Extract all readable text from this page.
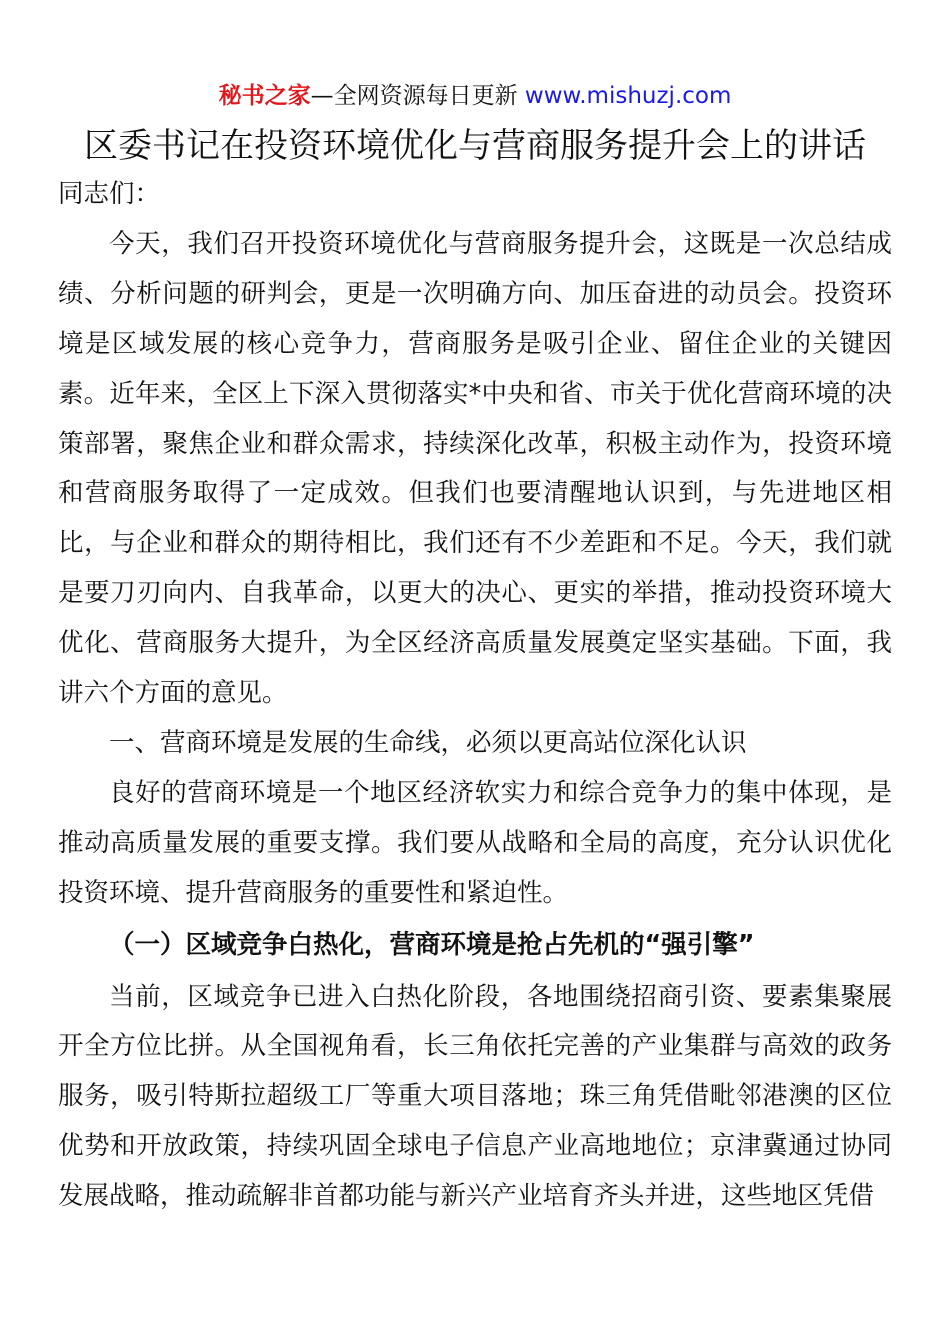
秘书之家—全网资源每日更新 www.mishuzj.com
区委书记在投资环境优化与营商服务提升会上的讲话

同志们：

今天，我们召开投资环境优化与营商服务提升会，这既是一次总结成绩、分析问题的研判会，更是一次明确方向、加压奋进的动员会。投资环境是区域发展的核心竞争力，营商服务是吸引企业、留住企业的关键因素。近年来，全区上下深入贯彻落实*中央和省、市关于优化营商环境的决策部署，聚焦企业和群众需求，持续深化改革，积极主动作为，投资环境和营商服务取得了一定成效。但我们也要清醒地认识到，与先进地区相比，与企业和群众的期待相比，我们还有不少差距和不足。今天，我们就是要刀刃向内、自我革命，以更大的决心、更实的举措，推动投资环境大优化、营商服务大提升，为全区经济高质量发展奠定坚实基础。下面，我讲六个方面的意见。

一、营商环境是发展的生命线，必须以更高站位深化认识

良好的营商环境是一个地区经济软实力和综合竞争力的集中体现，是推动高质量发展的重要支撑。我们要从战略和全局的高度，充分认识优化投资环境、提升营商服务的重要性和紧迫性。

（一）区域竞争白热化，营商环境是抢占先机的“强引擎”

当前，区域竞争已进入白热化阶段，各地围绕招商引资、要素集聚展开全方位比拼。从全国视角看，长三角依托完善的产业集群与高效的政务服务，吸引特斯拉超级工厂等重大项目落地；珠三角凭借毗邻港澳的区位优势和开放政策，持续巩固全球电子信息产业高地地位；京津冀通过协同发展战略，推动疏解非首都功能与新兴产业培育齐头并进，这些地区凭借
